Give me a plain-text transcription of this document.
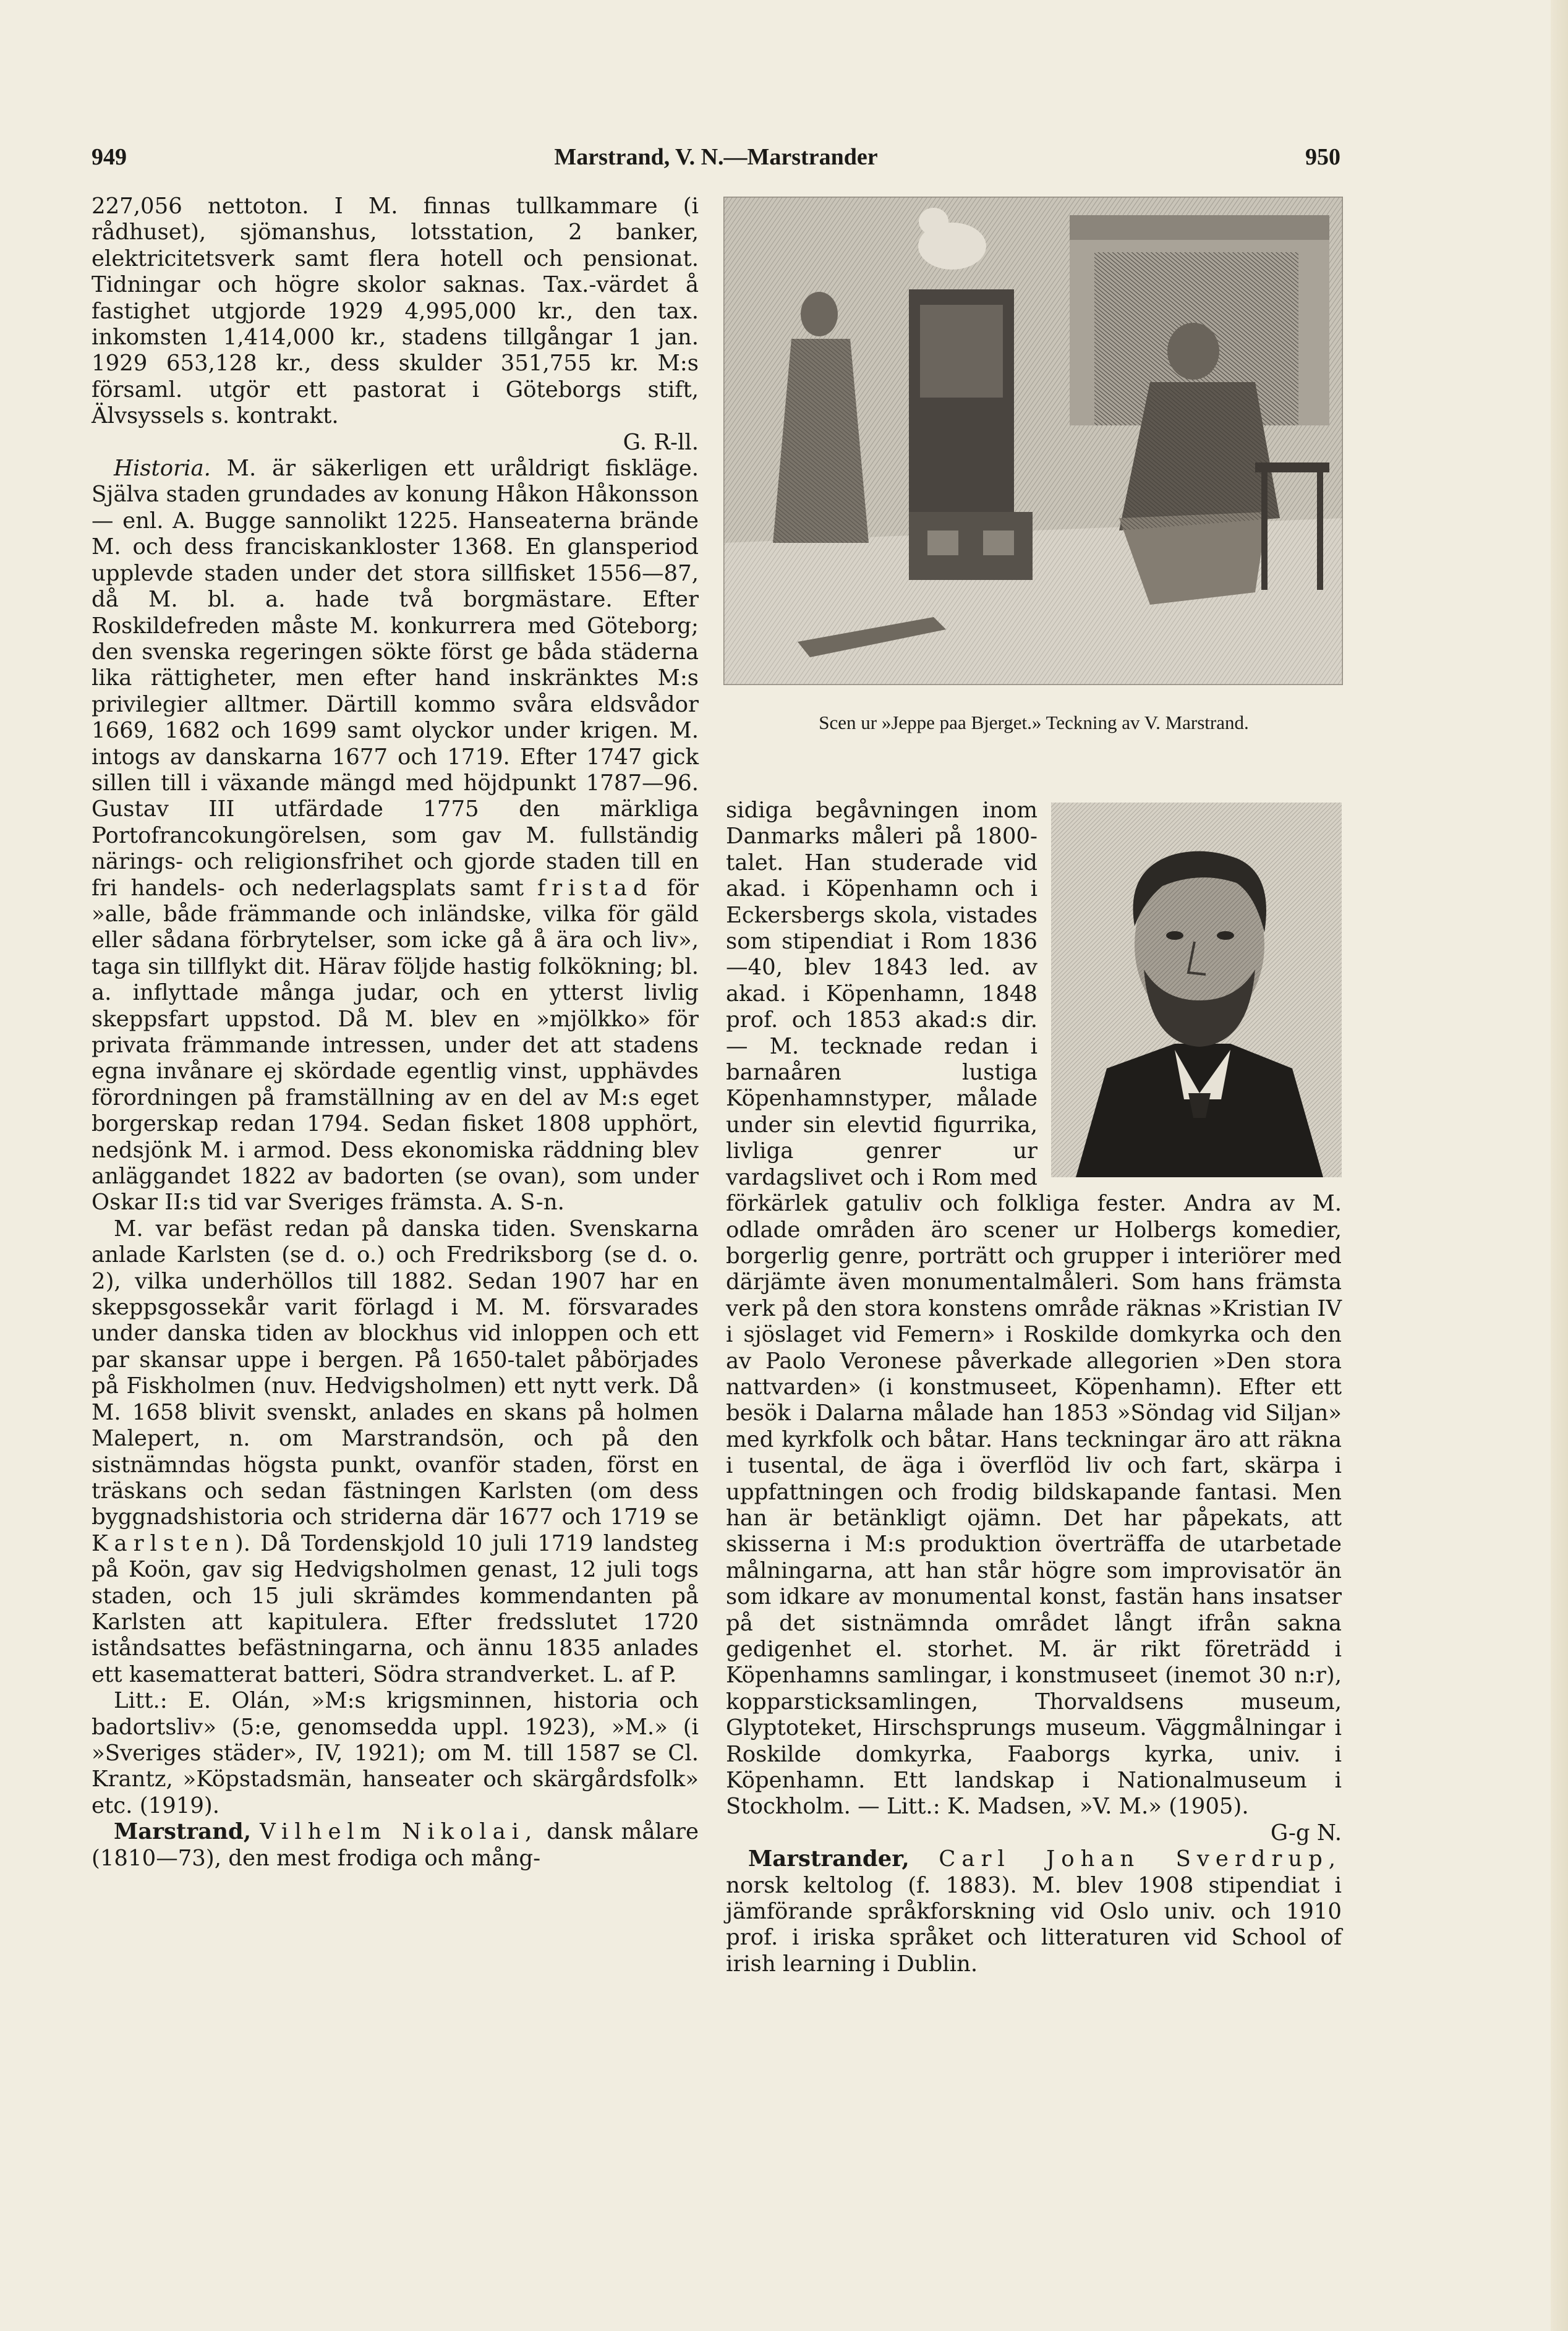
949	Marstrand, V. N.—Marstrander	950

227,056 nettoton. I M. finnas tullkammare (i rådhuset), sjömanshus, lotsstation, 2 banker, elektricitetsverk samt flera hotell och pensionat. Tidningar och högre skolor saknas. Tax.-värdet å fastighet utgjorde 1929 4,995,000 kr., den tax. inkomsten 1,414,000 kr., stadens tillgångar 1 jan. 1929 653,128 kr., dess skulder 351,755 kr. M:s församl. utgör ett pastorat i Göteborgs stift, Älvsyssels s. kontrakt.

G. R-ll.

Historia. M. är säkerligen ett uråldrigt fiskläge. Själva staden grundades av konung Håkon Håkonsson — enl. A. Bugge sannolikt 1225. Hanseaterna brände M. och dess franciskankloster 1368. En glansperiod upplevde staden under det stora sillfisket 1556—87, då M. bl. a. hade två borgmästare. Efter Roskildefreden måste M. konkurrera med Göteborg; den svenska regeringen sökte först ge båda städerna lika rättigheter, men efter hand inskränktes M:s privilegier alltmer. Därtill kommo svåra eldsvådor 1669, 1682 och 1699 samt olyckor under krigen. M. intogs av danskarna 1677 och 1719. Efter 1747 gick sillen till i växande mängd med höjdpunkt 1787—96. Gustav III utfärdade 1775 den märkliga Portofrancokungörelsen, som gav M. fullständig närings- och religionsfrihet och gjorde staden till en fri handels- och nederlagsplats samt fristad för »alle, både främmande och inländske, vilka för gäld eller sådana förbrytelser, som icke gå å ära och liv», taga sin tillflykt dit. Härav följde hastig folkökning; bl. a. inflyttade många judar, och en ytterst livlig skeppsfart uppstod. Då M. blev en »mjölkko» för privata främmande intressen, under det att stadens egna invånare ej skördade egentlig vinst, upphävdes förordningen på framställning av en del av M:s eget borgerskap redan 1794. Sedan fisket 1808 upphört, nedsjönk M. i armod. Dess ekonomiska räddning blev anläggandet 1822 av badorten (se ovan), som under Oskar II:s tid var Sveriges främsta. A. S-n.

M. var befäst redan på danska tiden. Svenskarna anlade Karlsten (se d. o.) och Fredriksborg (se d. o. 2), vilka underhöllos till 1882. Sedan 1907 har en skeppsgossekår varit förlagd i M. M. försvarades under danska tiden av blockhus vid inloppen och ett par skansar uppe i bergen. På 1650-talet påbörjades på Fiskholmen (nuv. Hedvigsholmen) ett nytt verk. Då M. 1658 blivit svenskt, anlades en skans på holmen Malepert, n. om Marstrandsön, och på den sistnämndas högsta punkt, ovanför staden, först en träskans och sedan fästningen Karlsten (om dess byggnadshistoria och striderna där 1677 och 1719 se Karlsten). Då Tordenskjold 10 juli 1719 landsteg på Koön, gav sig Hedvigsholmen genast, 12 juli togs staden, och 15 juli skrämdes kommendanten på Karlsten att kapitulera. Efter fredsslutet 1720 iståndsattes befästningarna, och ännu 1835 anlades ett kasematterat batteri, Södra strandverket. L. af P.

Litt.: E. Olán, »M:s krigsminnen, historia och badortsliv» (5:e, genomsedda uppl. 1923), »M.» (i »Sveriges städer», IV, 1921); om M. till 1587 se Cl. Krantz, »Köpstadsmän, hanseater och skärgårdsfolk» etc. (1919).

Marstrand, Vilhelm Nikolai, dansk målare (1810—73), den mest frodiga och mång-

Scen ur »Jeppe paa Bjerget.» Teckning av V. Marstrand.

sidiga begåvningen inom Danmarks måleri på 1800-talet. Han studerade vid akad. i Köpenhamn och i Eckersbergs skola, vistades som stipendiat i Rom 1836—40, blev 1843 led. av akad. i Köpenhamn, 1848 prof. och 1853 akad:s dir. — M. tecknade redan i barnaåren lustiga Köpenhamnstyper, målade under sin elevtid figurrika, livliga genrer ur vardagslivet och i Rom med förkärlek gatuliv och folkliga fester. Andra av M. odlade områden äro scener ur Holbergs komedier, borgerlig genre, porträtt och grupper i interiörer med därjämte även monumentalmåleri. Som hans främsta verk på den stora konstens område räknas »Kristian IV i sjöslaget vid Femern» i Roskilde domkyrka och den av Paolo Veronese påverkade allegorien »Den stora nattvarden» (i konstmuseet, Köpenhamn). Efter ett besök i Dalarna målade han 1853 »Söndag vid Siljan» med kyrkfolk och båtar. Hans teckningar äro att räkna i tusental, de äga i överflöd liv och fart, skärpa i uppfattningen och frodig bildskapande fantasi. Men han är betänkligt ojämn. Det har påpekats, att skisserna i M:s produktion överträffa de utarbetade målningarna, att han står högre som improvisatör än som idkare av monumental konst, fastän hans insatser på det sistnämnda området långt ifrån sakna gedigenhet el. storhet. M. är rikt företrädd i Köpenhamns samlingar, i konstmuseet (inemot 30 n:r), kopparsticksamlingen, Thorvaldsens museum, Glyptoteket, Hirschsprungs museum. Väggmålningar i Roskilde domkyrka, Faaborgs kyrka, univ. i Köpenhamn. Ett landskap i Nationalmuseum i Stockholm. — Litt.: K. Madsen, »V. M.» (1905).

G-g N.

Marstrander, Carl Johan Sverdrup, norsk keltolog (f. 1883). M. blev 1908 stipendiat i jämförande språkforskning vid Oslo univ. och 1910 prof. i iriska språket och litteraturen vid School of irish learning i Dublin.
